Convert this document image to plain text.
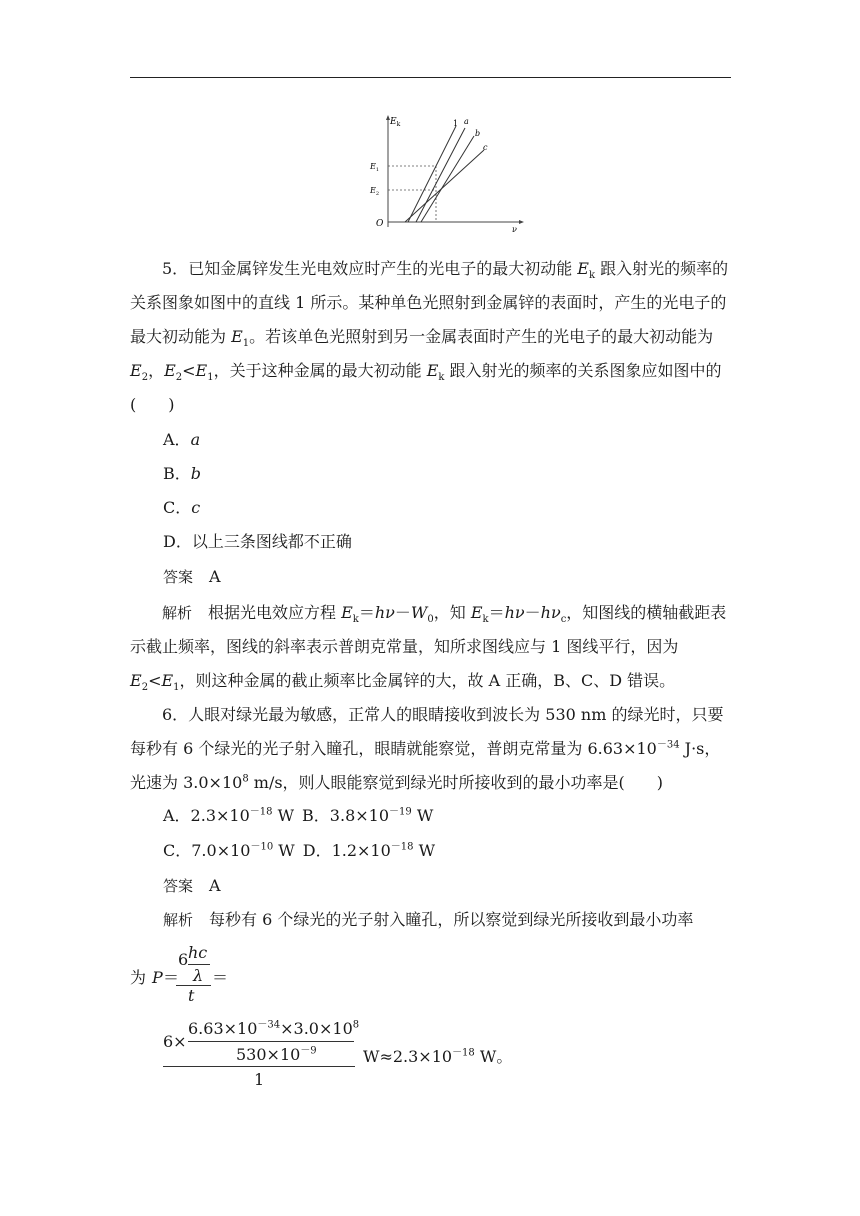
$E_k$
ν
O
$E_1$
$E_2$
1 a
b
c
5．已知金属锌发生光电效应时产生的光电子的最大初动能 $E_k$ 跟入射光的频率的关系图象如图中的直线 1 所示。某种单色光照射到金属锌的表面时，产生的光电子的最大初动能为 $E_1$。若该单色光照射到另一金属表面时产生的光电子的最大初动能为 $E_2$，$E_2<E_1$，关于这种金属的最大初动能 $E_k$ 跟入射光的频率的关系图象应如图中的(　　)
A．a
B．b
C．c
D．以上三条图线都不正确
答案  A
解析  根据光电效应方程 $E_k=h\nu-W_0$，知 $E_k=h\nu-h\nu_c$，知图线的横轴截距表示截止频率，图线的斜率表示普朗克常量，知所求图线应与 1 图线平行，因为 $E_2<E_1$，则这种金属的截止频率比金属锌的大，故 A 正确，B、C、D 错误。
6．人眼对绿光最为敏感，正常人的眼睛接收到波长为 530 nm 的绿光时，只要每秒有 6 个绿光的光子射入瞳孔，眼睛就能察觉，普朗克常量为 $6.63\times 10^{-34}$ J·s，光速为 $3.0\times 10^8$ m/s，则人眼能察觉到绿光时所接收到的最小功率是(　　)
A．$2.3\times 10^{-18}$ W  B．$3.8\times 10^{-19}$ W
C．$7.0\times 10^{-10}$ W  D．$1.2\times 10^{-18}$ W
答案  A
解析  每秒有 6 个绿光的光子射入瞳孔，所以察觉到绿光所接收到最小功率
为 P ＝
6 hc
λ
t
＝
6×
$6.63\times 10^{-34}\times 3.0\times 10^8$
$530\times 10^{-9}$
1
$W\approx 2.3\times 10^{-18}$ W。
